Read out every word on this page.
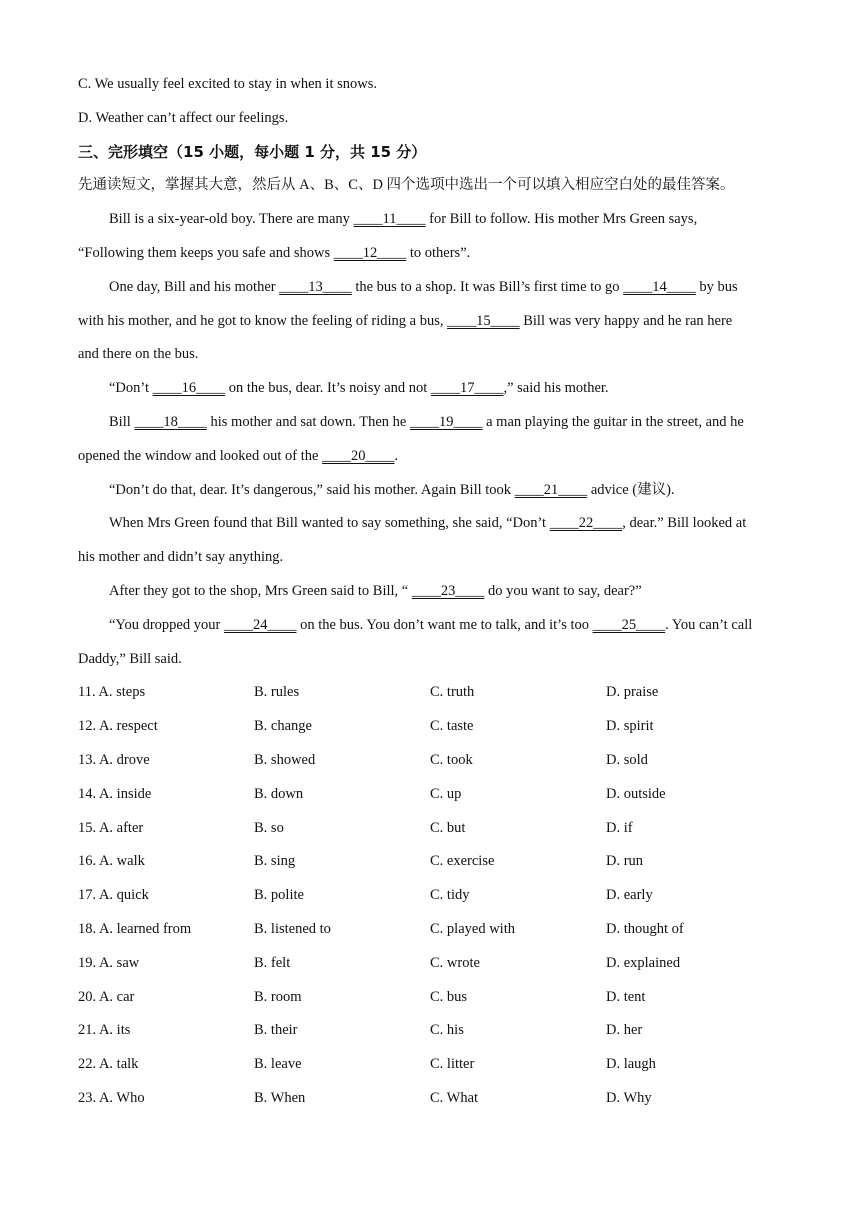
C. We usually feel excited to stay in when it snows.
D. Weather can’t affect our feelings.
三、完形填空（15 小题，每小题 1 分，共 15 分）
先通读短文，掌握其大意，然后从 A、B、C、D 四个选项中选出一个可以填入相应空白处的最佳答案。
Bill is a six-year-old boy. There are many ____11____ for Bill to follow. His mother Mrs Green says,
“Following them keeps you safe and shows ____12____ to others”.
One day, Bill and his mother ____13____ the bus to a shop. It was Bill’s first time to go ____14____ by bus
with his mother, and he got to know the feeling of riding a bus, ____15____ Bill was very happy and he ran here
and there on the bus.
“Don’t ____16____ on the bus, dear. It’s noisy and not ____17____,” said his mother.
Bill ____18____ his mother and sat down. Then he ____19____ a man playing the guitar in the street, and he
opened the window and looked out of the ____20____.
“Don’t do that, dear. It’s dangerous,” said his mother. Again Bill took ____21____ advice (建议).
When Mrs Green found that Bill wanted to say something, she said, “Don’t ____22____, dear.” Bill looked at
his mother and didn’t say anything.
After they got to the shop, Mrs Green said to Bill, “ ____23____ do you want to say, dear?”
“You dropped your ____24____ on the bus. You don’t want me to talk, and it’s too ____25____. You can’t call
Daddy,” Bill said.
11. A. steps	B. rules	C. truth	D. praise
12. A. respect	B. change	C. taste	D. spirit
13. A. drove	B. showed	C. took	D. sold
14. A. inside	B. down	C. up	D. outside
15. A. after	B. so	C. but	D. if
16. A. walk	B. sing	C. exercise	D. run
17. A. quick	B. polite	C. tidy	D. early
18. A. learned from	B. listened to	C. played with	D. thought of
19. A. saw	B. felt	C. wrote	D. explained
20. A. car	B. room	C. bus	D. tent
21. A. its	B. their	C. his	D. her
22. A. talk	B. leave	C. litter	D. laugh
23. A. Who	B. When	C. What	D. Why
